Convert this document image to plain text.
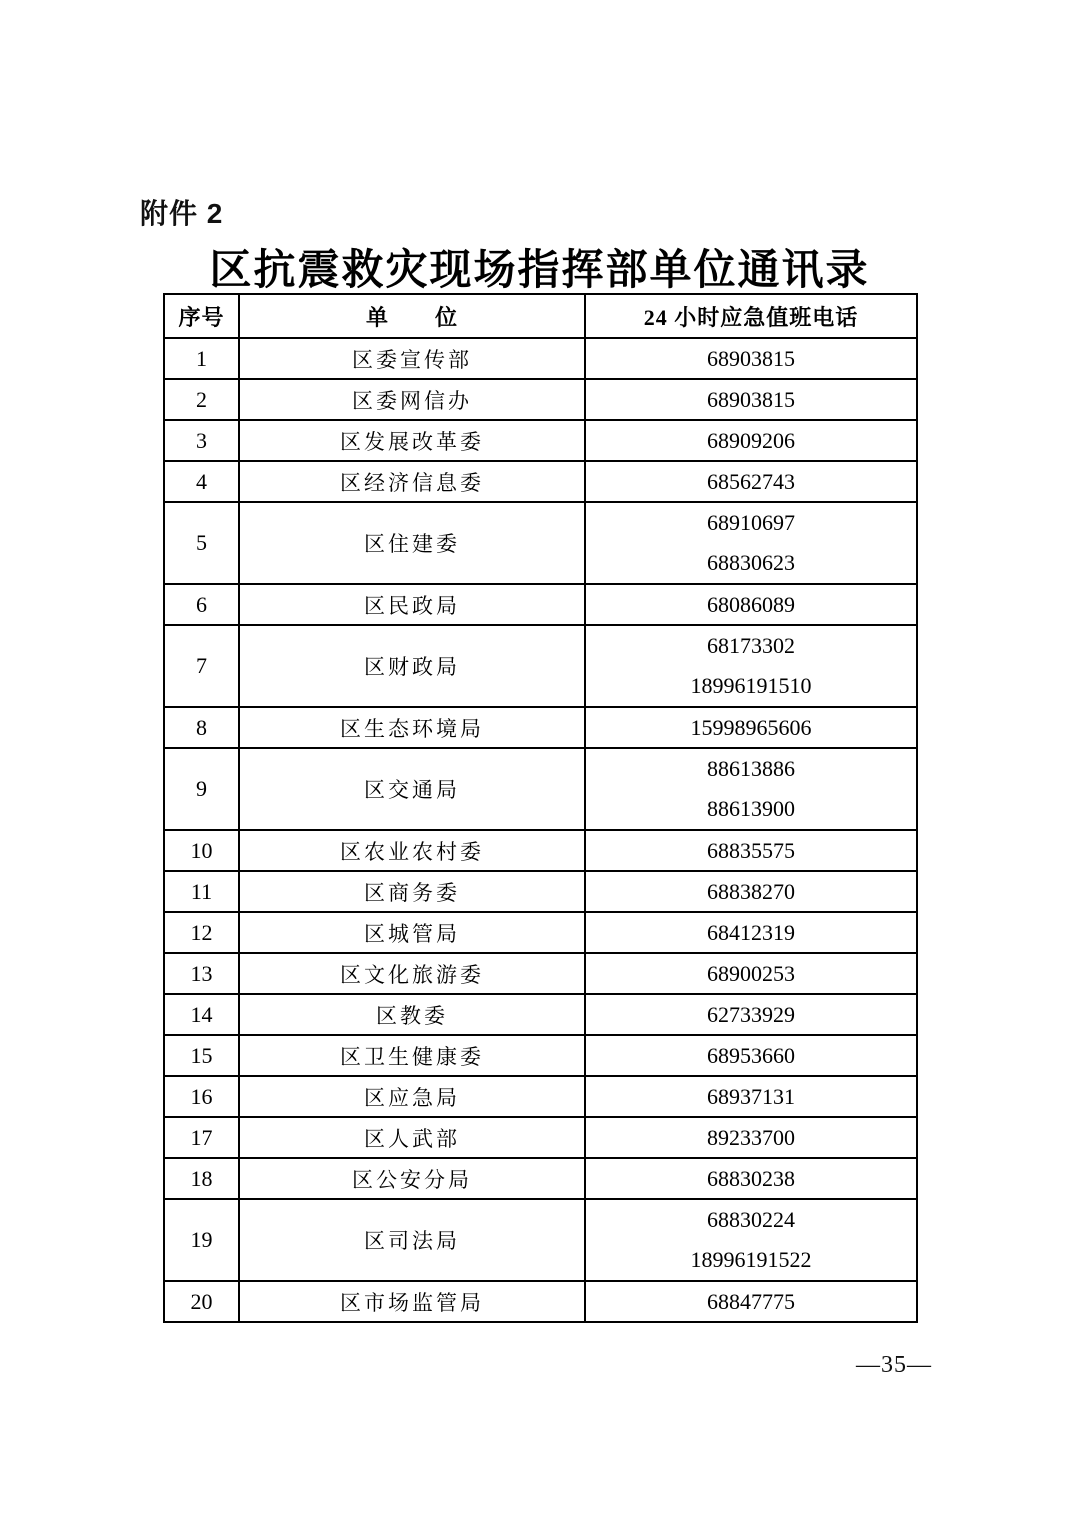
附件 2
区抗震救灾现场指挥部单位通讯录
序号	单　　位	24 小时应急值班电话
1	区委宣传部	68903815

2	区委网信办	68903815

3	区发展改革委	68909206

4	区经济信息委	68562743

5	区住建委	68910697
68830623

6	区民政局	68086089

7	区财政局	68173302
18996191510

8	区生态环境局	15998965606

9	区交通局	88613886
88613900

10	区农业农村委	68835575

11	区商务委	68838270

12	区城管局	68412319

13	区文化旅游委	68900253

14	区教委	62733929

15	区卫生健康委	68953660

16	区应急局	68937131

17	区人武部	89233700

18	区公安分局	68830238

19	区司法局	68830224
18996191522

20	区市场监管局	68847775
—35—
